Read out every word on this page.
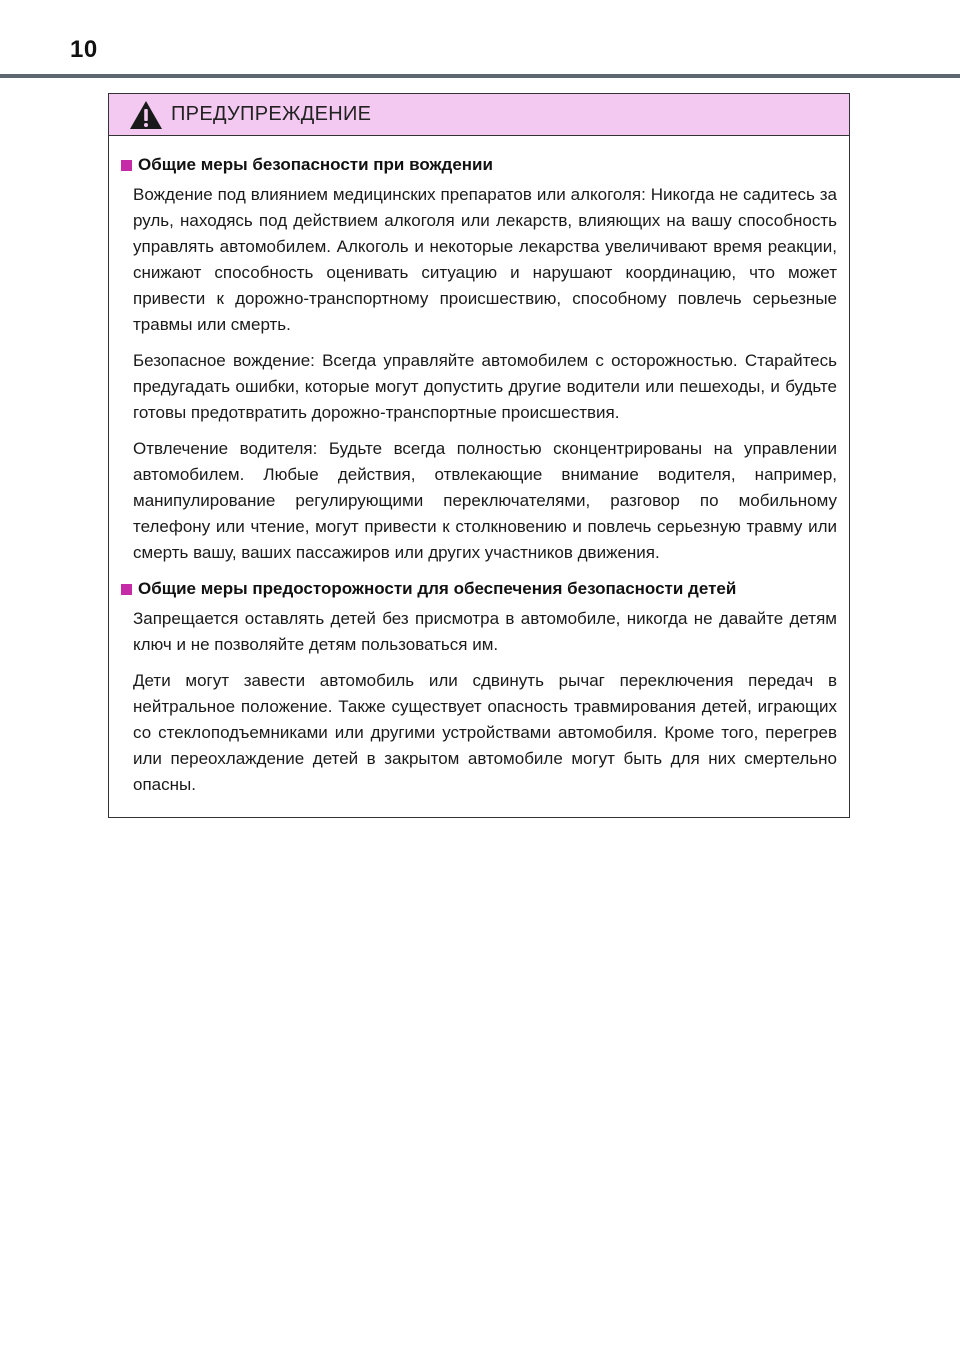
10
ПРЕДУПРЕЖДЕНИЕ
Общие меры безопасности при вождении

Вождение под влиянием медицинских препаратов или алкоголя: Никогда не садитесь за руль, находясь под действием алкоголя или лекарств, влияющих на вашу способность управлять автомобилем. Алкоголь и некоторые лекарства увеличивают время реакции, снижают способность оценивать ситуацию и нарушают координацию, что может привести к дорожно-транспортному происшествию, способному повлечь серьезные травмы или смерть.

Безопасное вождение: Всегда управляйте автомобилем с осторожностью. Старайтесь предугадать ошибки, которые могут допустить другие водители или пешеходы, и будьте готовы предотвратить дорожно-транспортные происшествия.

Отвлечение водителя: Будьте всегда полностью сконцентрированы на управлении автомобилем. Любые действия, отвлекающие внимание водителя, например, манипулирование регулирующими переключателями, разговор по мобильному телефону или чтение, могут привести к столкновению и повлечь серьезную травму или смерть вашу, ваших пассажиров или других участников движения.

Общие меры предосторожности для обеспечения безопасности детей

Запрещается оставлять детей без присмотра в автомобиле, никогда не давайте детям ключ и не позволяйте детям пользоваться им.

Дети могут завести автомобиль или сдвинуть рычаг переключения передач в нейтральное положение. Также существует опасность травмирования детей, играющих со стеклоподъемниками или другими устройствами автомобиля. Кроме того, перегрев или переохлаждение детей в закрытом автомобиле могут быть для них смертельно опасны.
